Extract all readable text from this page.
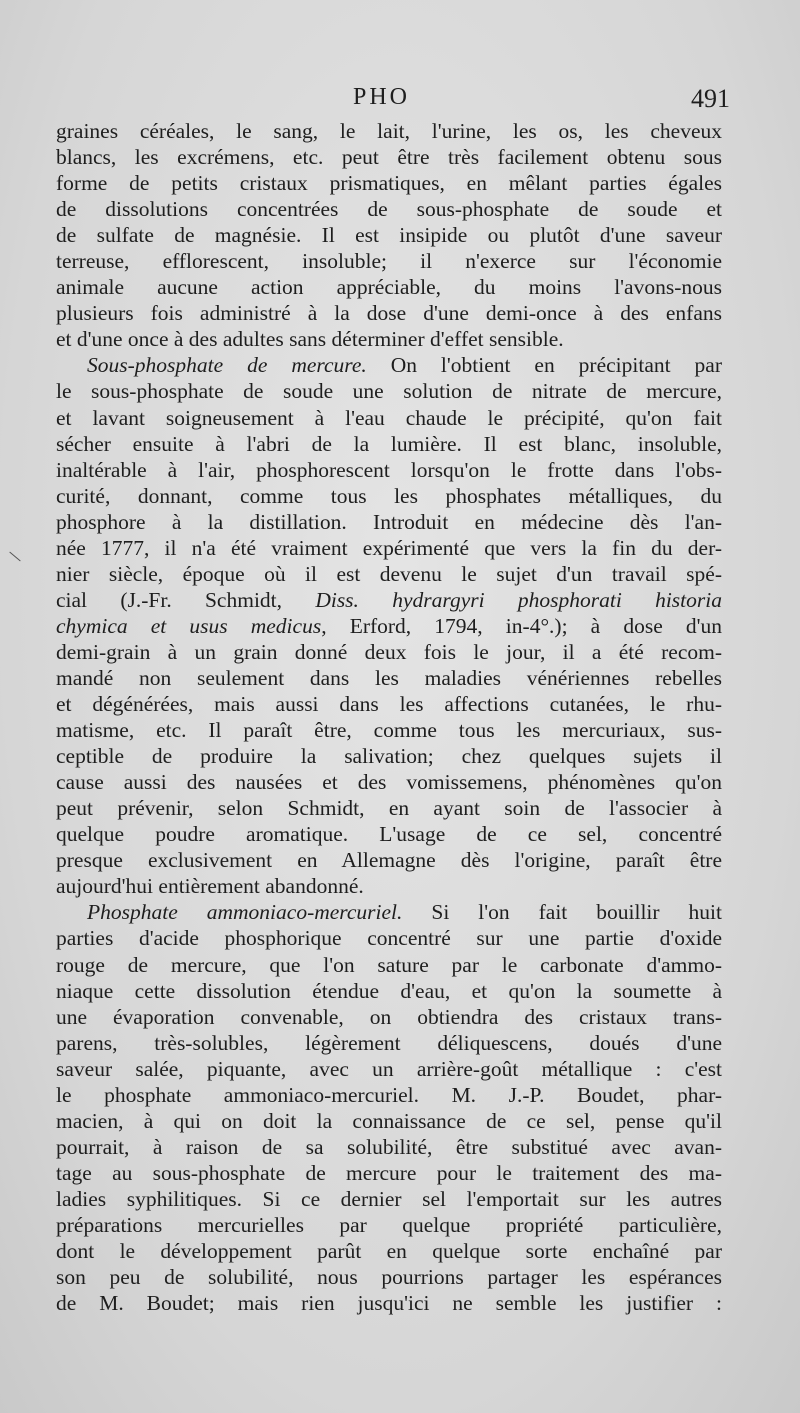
PHO	491
graines céréales, le sang, le lait, l'urine, les os, les cheveux
blancs, les excrémens, etc. peut être très facilement obtenu sous
forme de petits cristaux prismatiques, en mêlant parties égales
de dissolutions concentrées de sous-phosphate de soude et
de sulfate de magnésie. Il est insipide ou plutôt d'une saveur
terreuse, efflorescent, insoluble; il n'exerce sur l'économie
animale aucune action appréciable, du moins l'avons-nous
plusieurs fois administré à la dose d'une demi-once à des enfans
et d'une once à des adultes sans déterminer d'effet sensible.
Sous-phosphate de mercure. On l'obtient en précipitant par
le sous-phosphate de soude une solution de nitrate de mercure,
et lavant soigneusement à l'eau chaude le précipité, qu'on fait
sécher ensuite à l'abri de la lumière. Il est blanc, insoluble,
inaltérable à l'air, phosphorescent lorsqu'on le frotte dans l'obs-
curité, donnant, comme tous les phosphates métalliques, du
phosphore à la distillation. Introduit en médecine dès l'an-
née 1777, il n'a été vraiment expérimenté que vers la fin du der-
nier siècle, époque où il est devenu le sujet d'un travail spé-
cial (J.-Fr. Schmidt, Diss. hydrargyri phosphorati historia
chymica et usus medicus, Erford, 1794, in-4°.); à dose d'un
demi-grain à un grain donné deux fois le jour, il a été recom-
mandé non seulement dans les maladies vénériennes rebelles
et dégénérées, mais aussi dans les affections cutanées, le rhu-
matisme, etc. Il paraît être, comme tous les mercuriaux, sus-
ceptible de produire la salivation; chez quelques sujets il
cause aussi des nausées et des vomissemens, phénomènes qu'on
peut prévenir, selon Schmidt, en ayant soin de l'associer à
quelque poudre aromatique. L'usage de ce sel, concentré
presque exclusivement en Allemagne dès l'origine, paraît être
aujourd'hui entièrement abandonné.
Phosphate ammoniaco-mercuriel. Si l'on fait bouillir huit
parties d'acide phosphorique concentré sur une partie d'oxide
rouge de mercure, que l'on sature par le carbonate d'ammo-
niaque cette dissolution étendue d'eau, et qu'on la soumette à
une évaporation convenable, on obtiendra des cristaux trans-
parens, très-solubles, légèrement déliquescens, doués d'une
saveur salée, piquante, avec un arrière-goût métallique : c'est
le phosphate ammoniaco-mercuriel. M. J.-P. Boudet, phar-
macien, à qui on doit la connaissance de ce sel, pense qu'il
pourrait, à raison de sa solubilité, être substitué avec avan-
tage au sous-phosphate de mercure pour le traitement des ma-
ladies syphilitiques. Si ce dernier sel l'emportait sur les autres
préparations mercurielles par quelque propriété particulière,
dont le développement parût en quelque sorte enchaîné par
son peu de solubilité, nous pourrions partager les espérances
de M. Boudet; mais rien jusqu'ici ne semble les justifier :
